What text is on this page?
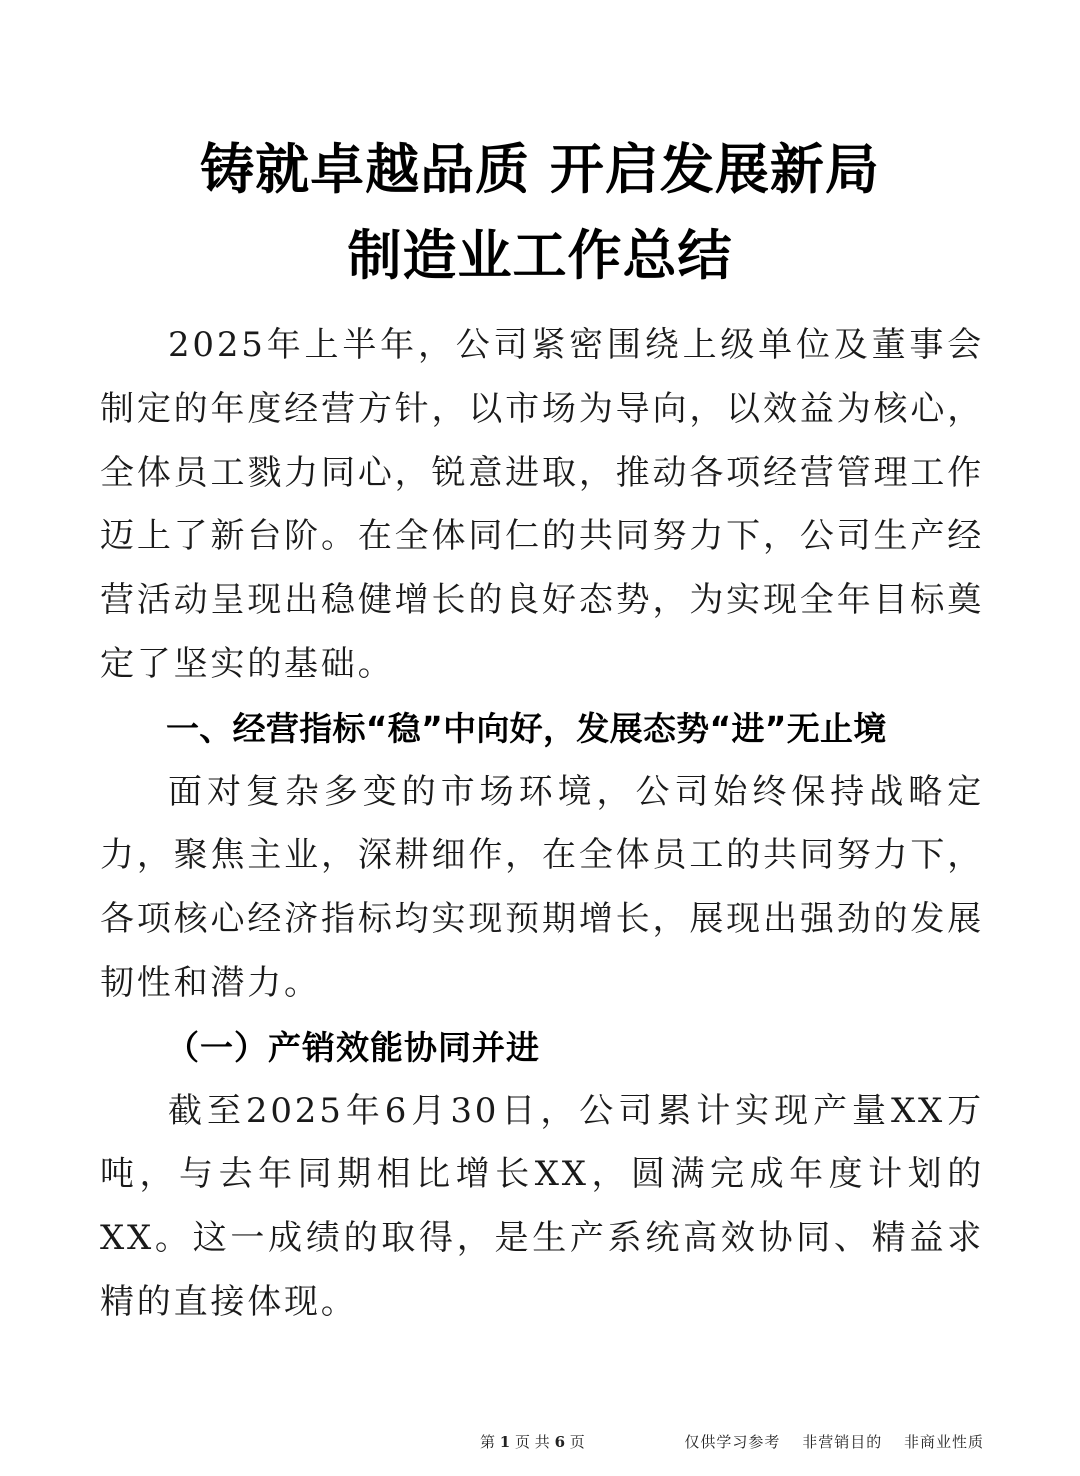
铸就卓越品质 开启发展新局
制造业工作总结

2025年上半年，公司紧密围绕上级单位及董事会制定的年度经营方针，以市场为导向，以效益为核心，全体员工戮力同心，锐意进取，推动各项经营管理工作迈上了新台阶。在全体同仁的共同努力下，公司生产经营活动呈现出稳健增长的良好态势，为实现全年目标奠定了坚实的基础。

一、经营指标“稳”中向好，发展态势“进”无止境

面对复杂多变的市场环境，公司始终保持战略定力，聚焦主业，深耕细作，在全体员工的共同努力下，各项核心经济指标均实现预期增长，展现出强劲的发展韧性和潜力。

（一）产销效能协同并进

截至2025年6月30日，公司累计实现产量XX万吨，与去年同期相比增长XX，圆满完成年度计划的XX。这一成绩的取得，是生产系统高效协同、精益求精的直接体现。

第 1 页 共 6 页	仅供学习参考 非营销目的 非商业性质
